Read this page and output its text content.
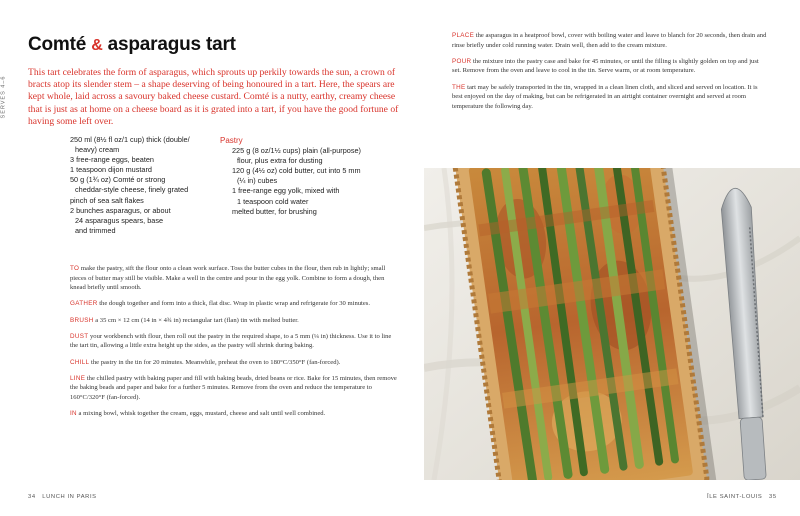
SERVES 4–6
Comté & asparagus tart
This tart celebrates the form of asparagus, which sprouts up perkily towards the sun, a crown of bracts atop its slender stem – a shape deserving of being honoured in a tart. Here, the spears are kept whole, laid across a savoury baked cheese custard. Comté is a nutty, earthy, creamy cheese that is just as at home on a cheese board as it is grated into a tart, if you have the good fortune of having some left over.
250 ml (8½ fl oz/1 cup) thick (double/
heavy) cream
3 free-range eggs, beaten
1 teaspoon dijon mustard
50 g (1¾ oz) Comté or strong
cheddar-style cheese, finely grated
pinch of sea salt flakes
2 bunches asparagus, or about
24 asparagus spears, base
and trimmed
Pastry
225 g (8 oz/1½ cups) plain (all-purpose)
flour, plus extra for dusting
120 g (4½ oz) cold butter, cut into 5 mm
(¼ in) cubes
1 free-range egg yolk, mixed with
1 teaspoon cold water
melted butter, for brushing

TO make the pastry, sift the flour onto a clean work surface. Toss the butter cubes in the flour, then rub in lightly; small pieces of butter may still be visible. Make a well in the centre and pour in the egg yolk. Combine to form a dough, then knead briefly until smooth.

GATHER the dough together and form into a thick, flat disc. Wrap in plastic wrap and refrigerate for 30 minutes.

BRUSH a 35 cm × 12 cm (14 in × 4¾ in) rectangular tart (flan) tin with melted butter.

DUST your workbench with flour, then roll out the pastry in the required shape, to a 5 mm (¼ in) thickness. Use it to line the tart tin, allowing a little extra height up the sides, as the pastry will shrink during baking.

CHILL the pastry in the tin for 20 minutes. Meanwhile, preheat the oven to 180°C/350°F (fan-forced).

LINE the chilled pastry with baking paper and fill with baking beads, dried beans or rice. Bake for 15 minutes, then remove the baking beads and paper and bake for a further 5 minutes. Remove from the oven and reduce the temperature to 160°C/320°F (fan-forced).

IN a mixing bowl, whisk together the cream, eggs, mustard, cheese and salt until well combined.

34 LUNCH IN PARIS

PLACE the asparagus in a heatproof bowl, cover with boiling water and leave to blanch for 20 seconds, then drain and rinse briefly under cold running water. Drain well, then add to the cream mixture.

POUR the mixture into the pastry case and bake for 45 minutes, or until the filling is slightly golden on top and just set. Remove from the oven and leave to cool in the tin. Serve warm, or at room temperature.

THE tart may be safely transported in the tin, wrapped in a clean linen cloth, and sliced and served on location. It is best enjoyed on the day of making, but can be refrigerated in an airtight container overnight and served at room temperature the following day.

ÎLE SAINT-LOUIS 35
